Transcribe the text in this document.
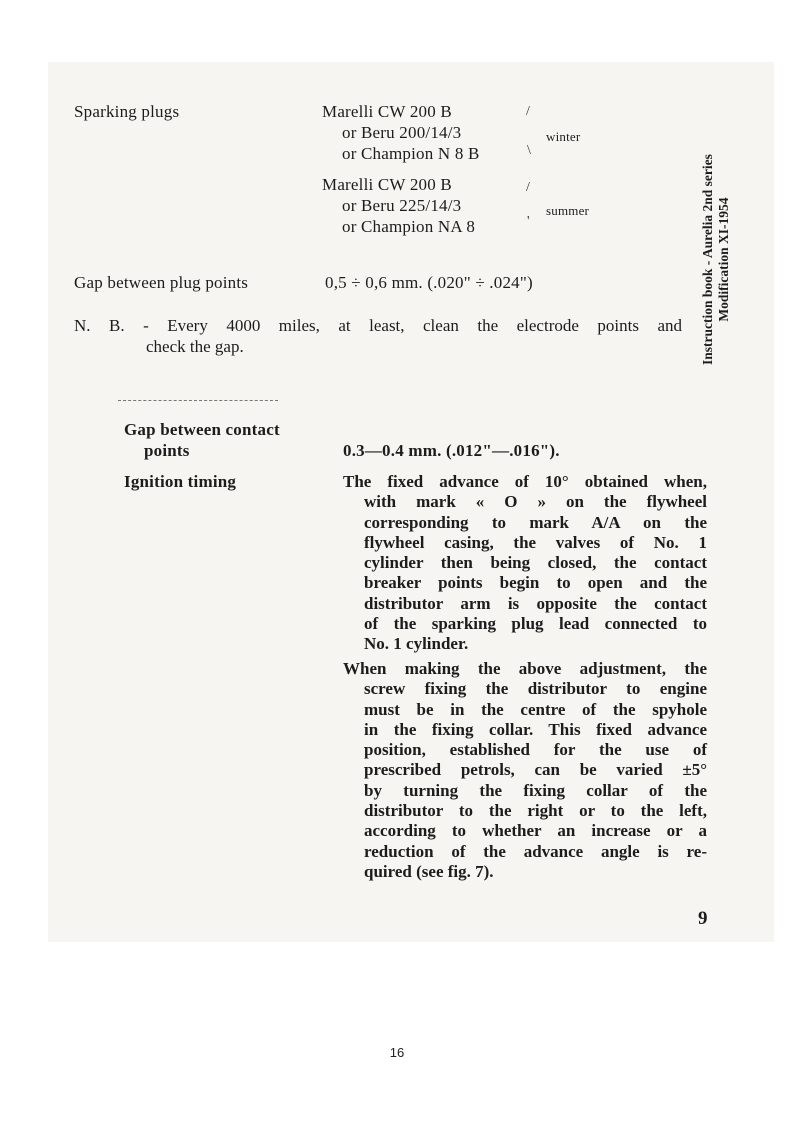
Sparking plugs	Marelli CW 200 B
or Beru 200/14/3
or Champion N 8 B
/
\
winter
Marelli CW 200 B
or Beru 225/14/3
or Champion NA 8
/
'
summer
Gap between plug points	0,5 ÷ 0,6 mm. (.020" ÷ .024")
N. B. - Every 4000 miles, at least, clean the electrode points and
check the gap.	Instruction book - Aurelia 2nd series Modification XI-1954
Gap between contact
points	0.3—0.4 mm. (.012"—.016").
Ignition timing	The fixed advance of 10° obtained when,
with mark « O » on the flywheel
corresponding to mark A/A on the
flywheel casing, the valves of No. 1
cylinder then being closed, the contact
breaker points begin to open and the
distributor arm is opposite the contact
of the sparking plug lead connected to
No. 1 cylinder.
When making the above adjustment, the
screw fixing the distributor to engine
must be in the centre of the spyhole
in the fixing collar. This fixed advance
position, established for the use of
prescribed petrols, can be varied ±5°
by turning the fixing collar of the
distributor to the right or to the left,
according to whether an increase or a
reduction of the advance angle is re-
quired (see fig. 7).
9
16
